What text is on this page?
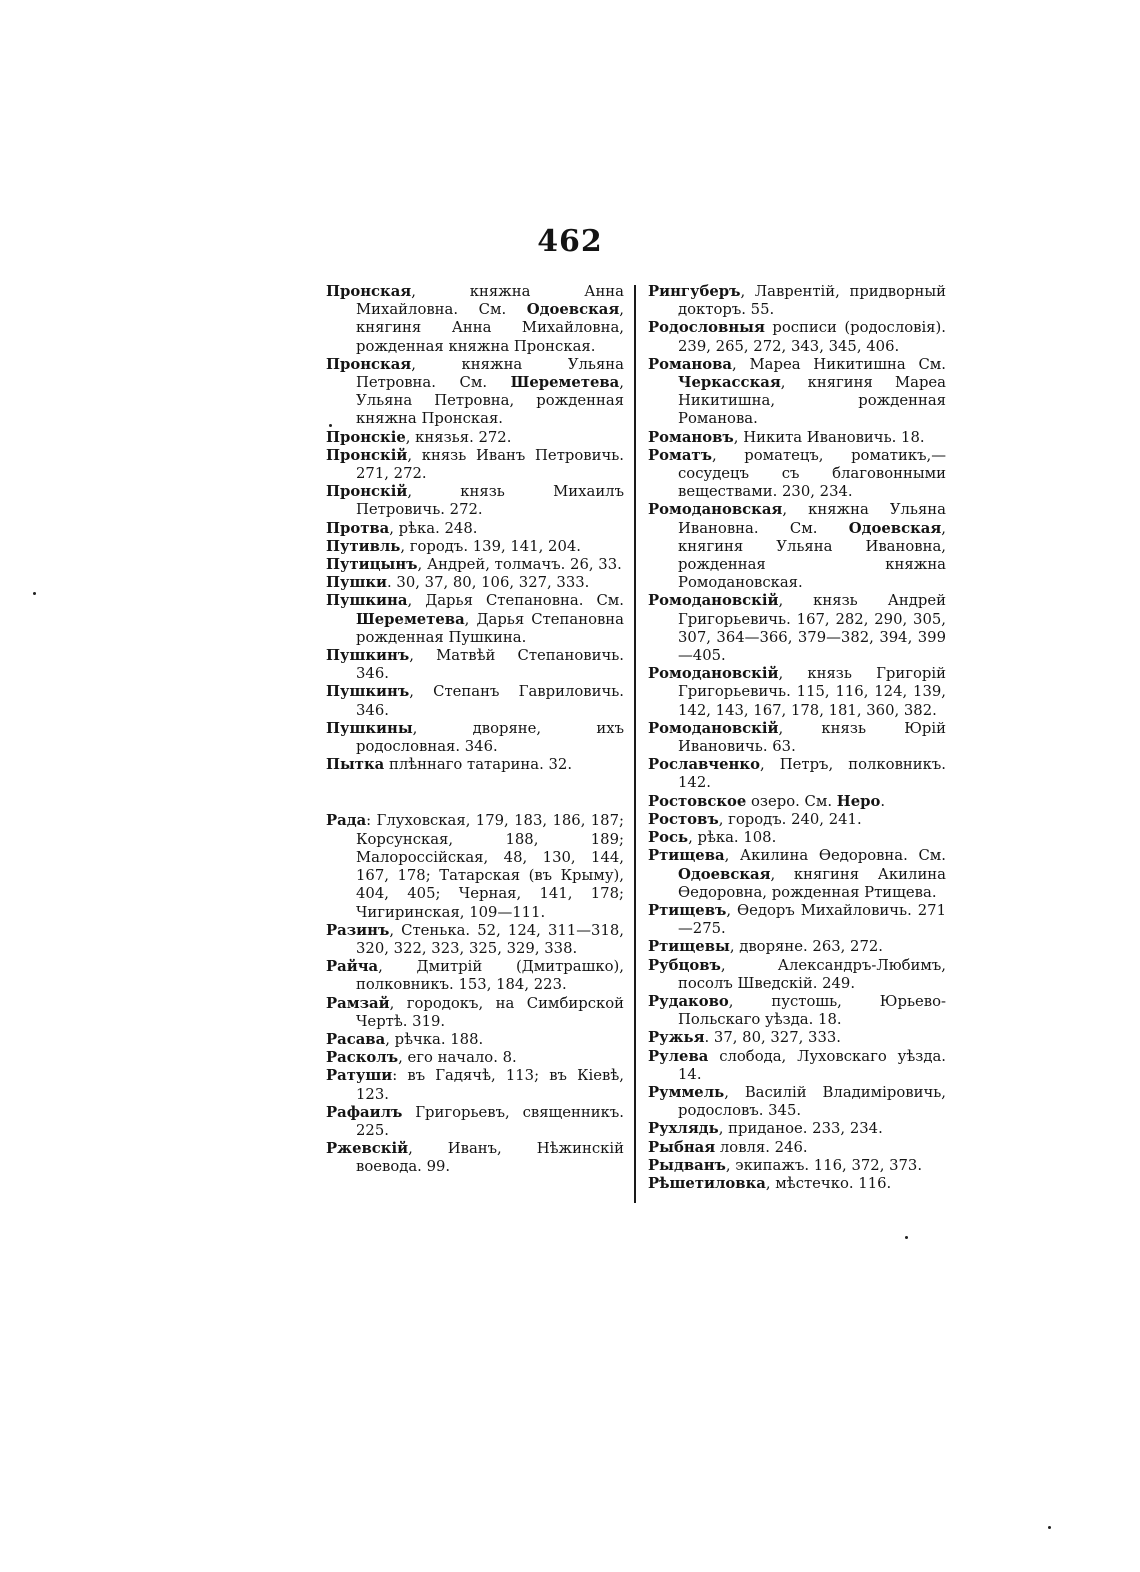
462
Пронская, княжна Анна Михайловна. См. Одоевская, княгиня Анна Михайловна, рожденная княжна Пронская.
Пронская, княжна Ульяна Петровна. См. Шереметева, Ульяна Петровна, рожденная княжна Пронская.
Пронскіе, князья. 272.
Пронскій, князь Иванъ Петровичь. 271, 272.
Пронскій, князь Михаилъ Петровичь. 272.
Протва, рѣка. 248.
Путивль, городъ. 139, 141, 204.
Путицынъ, Андрей, толмачъ. 26, 33.
Пушки. 30, 37, 80, 106, 327, 333.
Пушкина, Дарья Степановна. См. Шереметева, Дарья Степановна рожденная Пушкина.
Пушкинъ, Матвѣй Степановичь. 346.
Пушкинъ, Степанъ Гавриловичь. 346.
Пушкины, дворяне, ихъ родословная. 346.
Пытка плѣннаго татарина. 32.
Рада: Глуховская, 179, 183, 186, 187; Корсунская, 188, 189; Малороссійская, 48, 130, 144, 167, 178; Татарская (въ Крыму), 404, 405; Черная, 141, 178; Чигиринская, 109—111.
Разинъ, Стенька. 52, 124, 311—318, 320, 322, 323, 325, 329, 338.
Райча, Дмитрій (Дмитрашко), полковникъ. 153, 184, 223.
Рамзай, городокъ, на Симбирской Чертѣ. 319.
Расава, рѣчка. 188.
Расколъ, его начало. 8.
Ратуши: въ Гадячѣ, 113; въ Кіевѣ, 123.
Рафаилъ Григорьевъ, священникъ. 225.
Ржевскій, Иванъ, Нѣжинскій воевода. 99.
Рингуберъ, Лаврентій, придворный докторъ. 55.
Родословныя росписи (родословія). 239, 265, 272, 343, 345, 406.
Романова, Мареа Никитишна См. Черкасская, княгиня Мареа Никитишна, рожденная Романова.
Романовъ, Никита Ивановичь. 18.
Роматъ, роматецъ, роматикъ,—сосудецъ съ благовонными веществами. 230, 234.
Ромодановская, княжна Ульяна Ивановна. См. Одоевская, княгиня Ульяна Ивановна, рожденная княжна Ромодановская.
Ромодановскій, князь Андрей Григорьевичь. 167, 282, 290, 305, 307, 364—366, 379—382, 394, 399—405.
Ромодановскій, князь Григорій Григорьевичь. 115, 116, 124, 139, 142, 143, 167, 178, 181, 360, 382.
Ромодановскій, князь Юрій Ивановичь. 63.
Рославченко, Петръ, полковникъ. 142.
Ростовское озеро. См. Неро.
Ростовъ, городъ. 240, 241.
Рось, рѣка. 108.
Ртищева, Акилина Өедоровна. См. Одоевская, княгиня Акилина Өедоровна, рожденная Ртищева.
Ртищевъ, Өедоръ Михайловичь. 271—275.
Ртищевы, дворяне. 263, 272.
Рубцовъ, Александръ-Любимъ, посолъ Шведскій. 249.
Рудаково, пустошь, Юрьево-Польскаго уѣзда. 18.
Ружья. 37, 80, 327, 333.
Рулева слобода, Луховскаго уѣзда. 14.
Руммель, Василій Владиміровичь, родословъ. 345.
Рухлядь, приданое. 233, 234.
Рыбная ловля. 246.
Рыдванъ, экипажъ. 116, 372, 373.
Рѣшетиловка, мѣстечко. 116.
